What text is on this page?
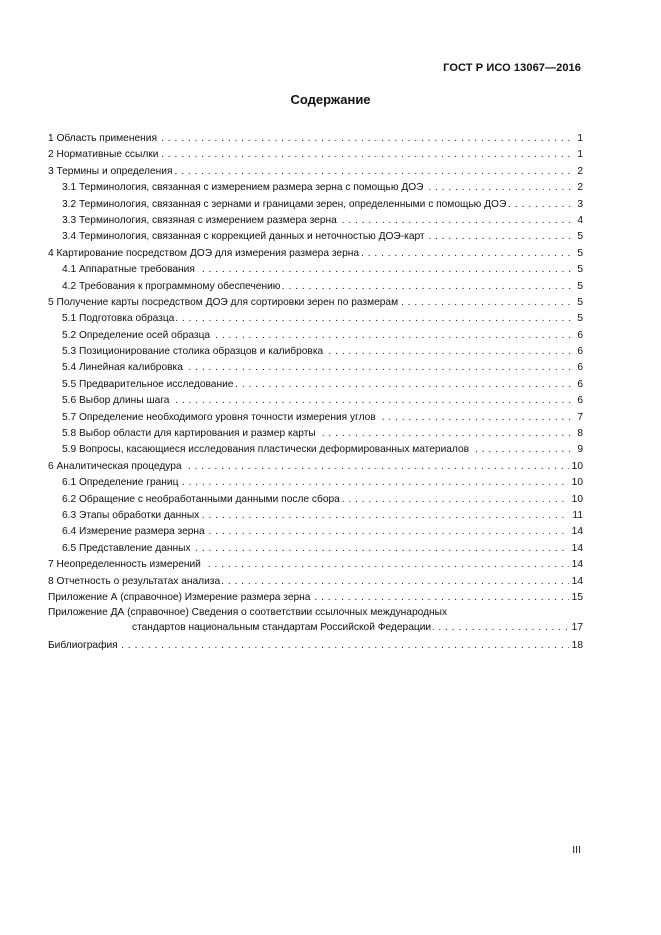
ГОСТ Р ИСО 13067—2016
Содержание
1 Область применения	1
. . .
2 Нормативные ссылки	1
. . .
3 Термины и определения	2
. . .
3.1 Терминология, связанная с измерением размера зерна с помощью ДОЭ	2
. . .
3.2 Терминология, связанная с зернами и границами зерен, определенными с помощью ДОЭ	3
. . .
3.3 Терминология, связяная с измерением размера зерна	4
. . .
3.4 Терминология, связанная с коррекцией данных и неточностью ДОЭ-карт	5
. . .
4 Картирование посредством ДОЭ для измерения размера зерна	5
. . .
4.1 Аппаратные требования	5
. . .
4.2 Требования к программному обеспечению	5
. . .
5 Получение карты посредством ДОЭ для сортировки зерен по размерам	5
. . .
5.1 Подготовка образца	5
. . .
5.2 Определение осей образца	6
. . .
5.3 Позиционирование столика образцов и калибровка	6
. . .
5.4 Линейная калибровка	6
. . .
5.5 Предварительное исследование	6
. . .
5.6 Выбор длины шага	6
. . .
5.7 Определение необходимого уровня точности измерения углов	7
. . .
5.8 Выбор области для картирования и размер карты	8
. . .
5.9 Вопросы, касающиеся исследования пластически деформированных материалов	9
. . .
6 Аналитическая процедура	10
. . .
6.1 Определение границ	10
. . .
6.2 Обращение с необработанными данными после сбора	10
. . .
6.3 Этапы обработки данных	11
. . .
6.4 Измерение размера зерна	14
. . .
6.5 Представление данных	14
. . .
7 Неопределенность измерений	14
. . .
8 Отчетность о результатах анализа	14
. . .
Приложение А (справочное) Измерение размера зерна	15
. . .
Приложение ДА (справочное) Сведения о соответствии ссылочных международных
стандартов национальным стандартам Российской Федерации . . .	17
Библиография	18
. . .
III
